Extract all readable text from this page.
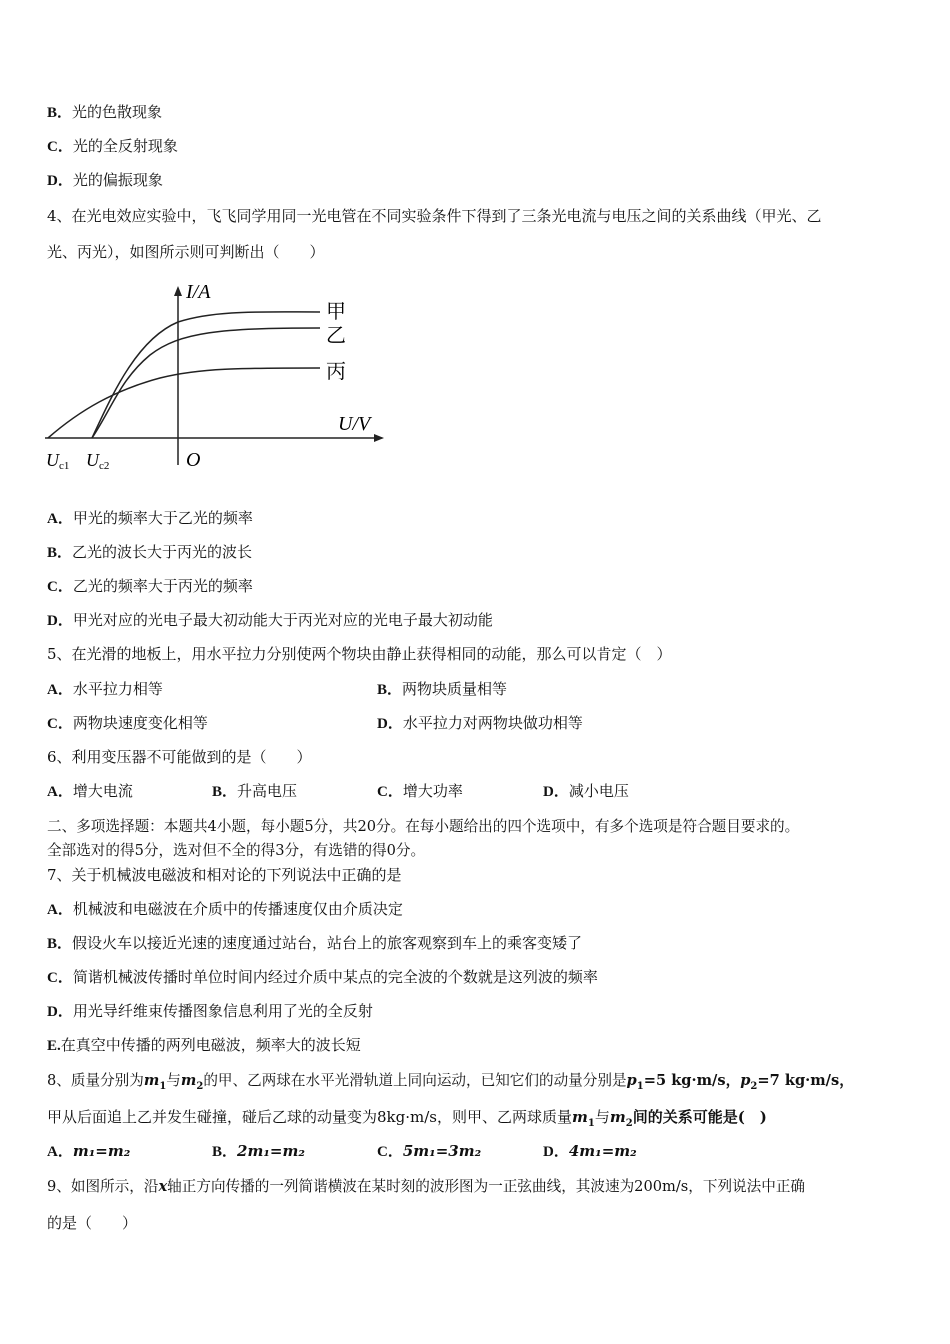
B．光的色散现象
C．光的全反射现象
D．光的偏振现象
4、在光电效应实验中，飞飞同学用同一光电管在不同实验条件下得到了三条光电流与电压之间的关系曲线（甲光、乙
光、丙光），如图所示则可判断出（　　）
I/A
U/V
O
甲
乙
丙
Uc1 Uc2
A．甲光的频率大于乙光的频率
B．乙光的波长大于丙光的波长
C．乙光的频率大于丙光的频率
D．甲光对应的光电子最大初动能大于丙光对应的光电子最大初动能
5、在光滑的地板上，用水平拉力分别使两个物块由静止获得相同的动能，那么可以肯定（　）
A．水平拉力相等	B．两物块质量相等
C．两物块速度变化相等	D．水平拉力对两物块做功相等
6、利用变压器不可能做到的是（　　）
A．增大电流	B．升高电压	C．增大功率	D．减小电压
二、多项选择题：本题共4小题，每小题5分，共20分。在每小题给出的四个选项中，有多个选项是符合题目要求的。
全部选对的得5分，选对但不全的得3分，有选错的得0分。
7、关于机械波电磁波和相对论的下列说法中正确的是
A．机械波和电磁波在介质中的传播速度仅由介质决定
B．假设火车以接近光速的速度通过站台，站台上的旅客观察到车上的乘客变矮了
C．简谐机械波传播时单位时间内经过介质中某点的完全波的个数就是这列波的频率
D．用光导纤维束传播图象信息利用了光的全反射
E.在真空中传播的两列电磁波，频率大的波长短
8、质量分别为$m_1$与$m_2$的甲、乙两球在水平光滑轨道上同向运动，已知它们的动量分别是$p_1=5$ kg·m/s，$p_2=7$ kg·m/s，
甲从后面追上乙并发生碰撞，碰后乙球的动量变为8kg·m/s，则甲、乙两球质量$m_1$与$m_2$间的关系可能是(　)
A．m₁=m₂	B．2m₁=m₂	C．5m₁=3m₂	D．4m₁=m₂
9、如图所示，沿x轴正方向传播的一列简谐横波在某时刻的波形图为一正弦曲线，其波速为200m/s，下列说法中正确
的是（　　）
